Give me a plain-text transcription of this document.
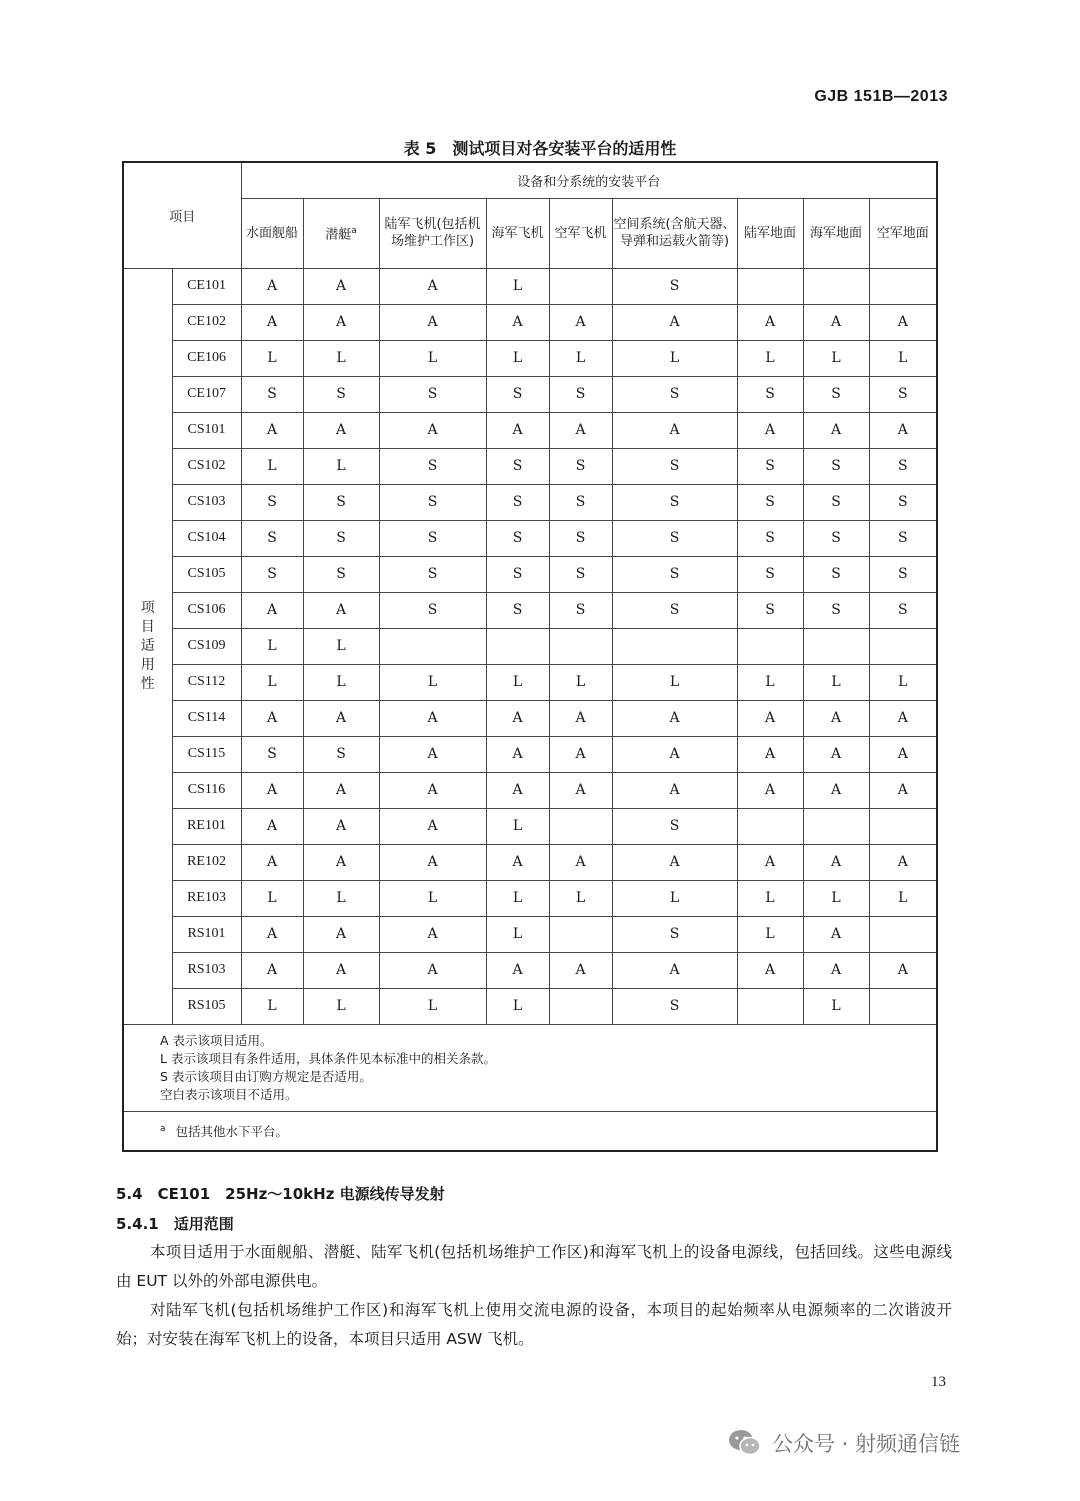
GJB 151B—2013
表 5　测试项目对各安装平台的适用性
项目		设备和分系统的安装平台								
		水面舰船	潜艇$^a$	陆军飞机(包括机场维护工作区)	海军飞机	空军飞机	空间系统(含航天器、导弹和运载火箭等)	陆军地面	海军地面	空军地面
项目适用性	CE101	A	A	A	L		S			
	CE102	A	A	A	A	A	A	A	A	A
	CE106	L	L	L	L	L	L	L	L	L
	CE107	S	S	S	S	S	S	S	S	S
	CS101	A	A	A	A	A	A	A	A	A
	CS102	L	L	S	S	S	S	S	S	S
	CS103	S	S	S	S	S	S	S	S	S
	CS104	S	S	S	S	S	S	S	S	S
	CS105	S	S	S	S	S	S	S	S	S
	CS106	A	A	S	S	S	S	S	S	S
	CS109	L	L							
	CS112	L	L	L	L	L	L	L	L	L
	CS114	A	A	A	A	A	A	A	A	A
	CS115	S	S	A	A	A	A	A	A	A
	CS116	A	A	A	A	A	A	A	A	A
	RE101	A	A	A	L		S			
	RE102	A	A	A	A	A	A	A	A	A
	RE103	L	L	L	L	L	L	L	L	L
	RS101	A	A	A	L		S	L	A	
	RS103	A	A	A	A	A	A	A	A	A
	RS105	L	L	L	L		S		L	

A 表示该项目适用。
L 表示该项目有条件适用，具体条件见本标准中的相关条款。
S 表示该项目由订购方规定是否适用。
空白表示该项目不适用。										

$^a$ 包括其他水下平台。										
5.4　CE101　25Hz～10kHz 电源线传导发射
5.4.1　适用范围
本项目适用于水面舰船、潜艇、陆军飞机(包括机场维护工作区)和海军飞机上的设备电源线，包括回线。这些电源线由 EUT 以外的外部电源供电。
对陆军飞机(包括机场维护工作区)和海军飞机上使用交流电源的设备，本项目的起始频率从电源频率的二次谐波开始；对安装在海军飞机上的设备，本项目只适用 ASW 飞机。
13
公众号 · 射频通信链
